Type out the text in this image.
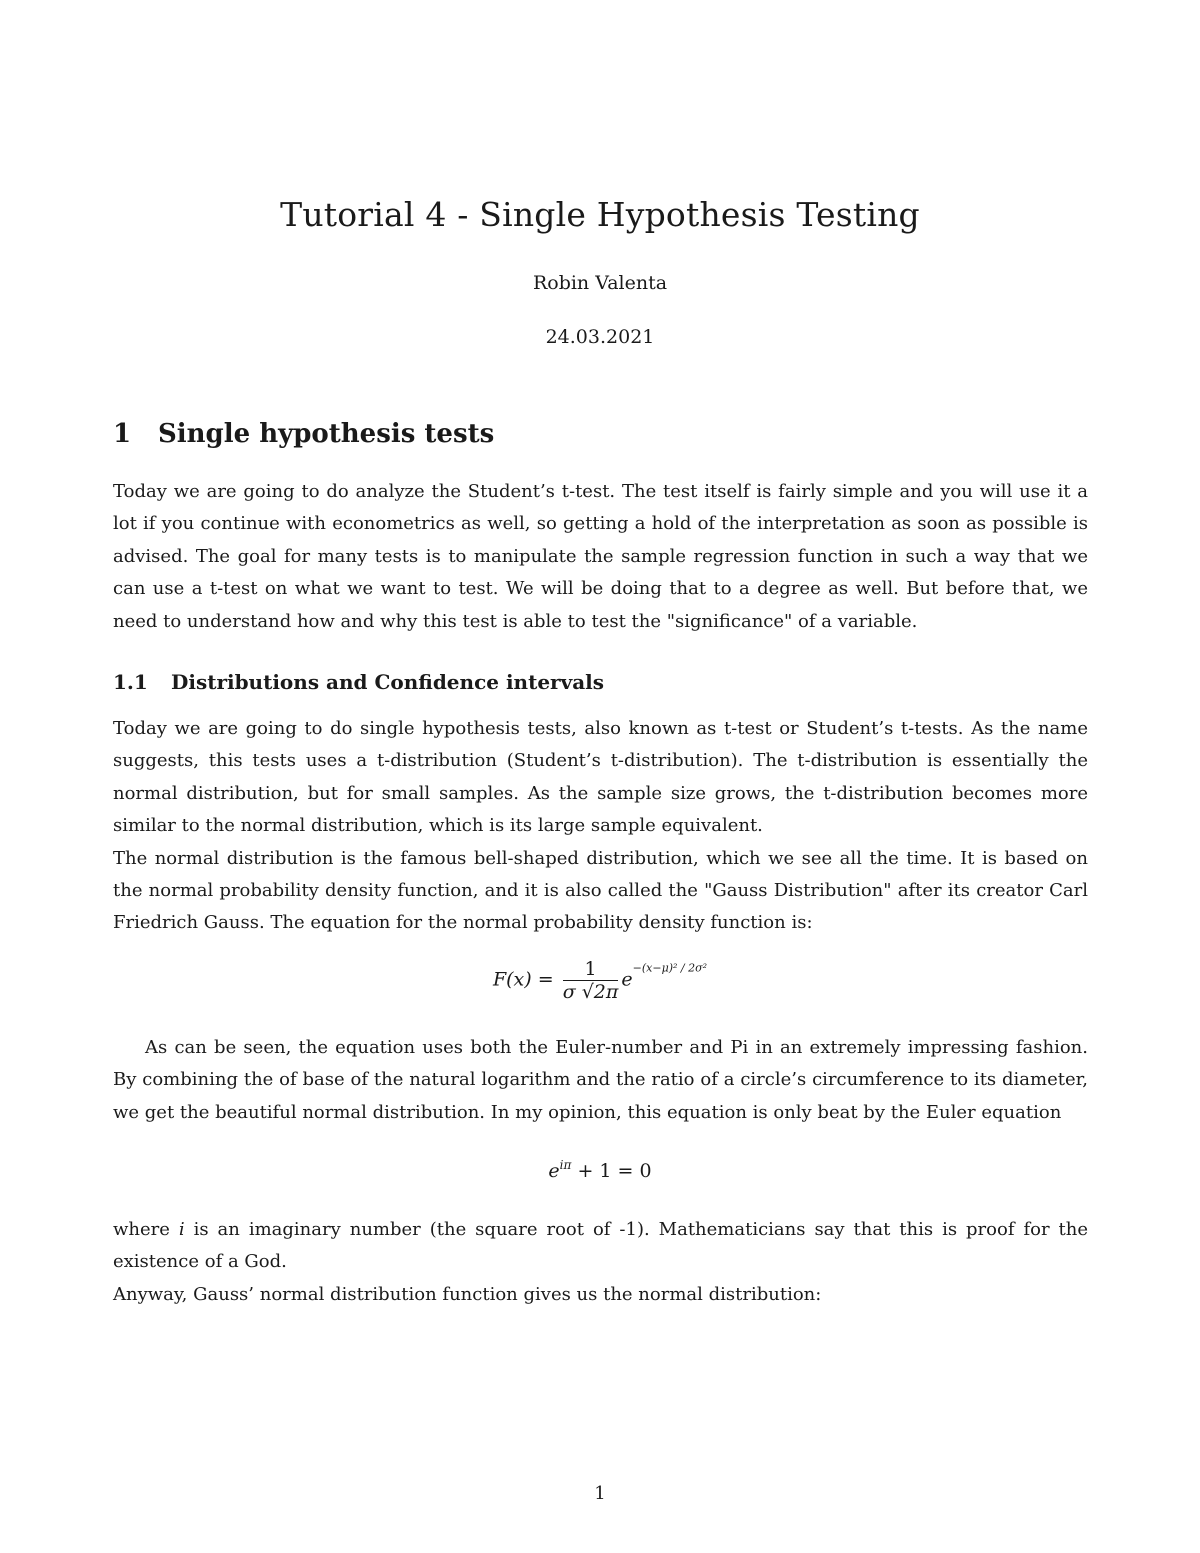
Tutorial 4 - Single Hypothesis Testing
Robin Valenta
24.03.2021
1 Single hypothesis tests

Today we are going to do analyze the Student’s t-test. The test itself is fairly simple and you will use it a lot if you continue with econometrics as well, so getting a hold of the interpretation as soon as possible is advised. The goal for many tests is to manipulate the sample regression function in such a way that we can use a t-test on what we want to test. We will be doing that to a degree as well. But before that, we need to understand how and why this test is able to test the "significance" of a variable.

1.1 Distributions and Confidence intervals

Today we are going to do single hypothesis tests, also known as t-test or Student’s t-tests. As the name suggests, this tests uses a t-distribution (Student’s t-distribution). The t-distribution is essentially the normal distribution, but for small samples. As the sample size grows, the t-distribution becomes more similar to the normal distribution, which is its large sample equivalent.

The normal distribution is the famous bell-shaped distribution, which we see all the time. It is based on the normal probability density function, and it is also called the "Gauss Distribution" after its creator Carl Friedrich Gauss. The equation for the normal probability density function is:

$F(x) = \frac{1}{\sigma √2\pi} e^{-(x-\mu)^2 / 2\sigma^2}$

As can be seen, the equation uses both the Euler-number and Pi in an extremely impressing fashion. By combining the of base of the natural logarithm and the ratio of a circle’s circumference to its diameter, we get the beautiful normal distribution. In my opinion, this equation is only beat by the Euler equation

$e^{i\pi} + 1 = 0$

where i is an imaginary number (the square root of -1). Mathematicians say that this is proof for the existence of a God.

Anyway, Gauss’ normal distribution function gives us the normal distribution:

1
